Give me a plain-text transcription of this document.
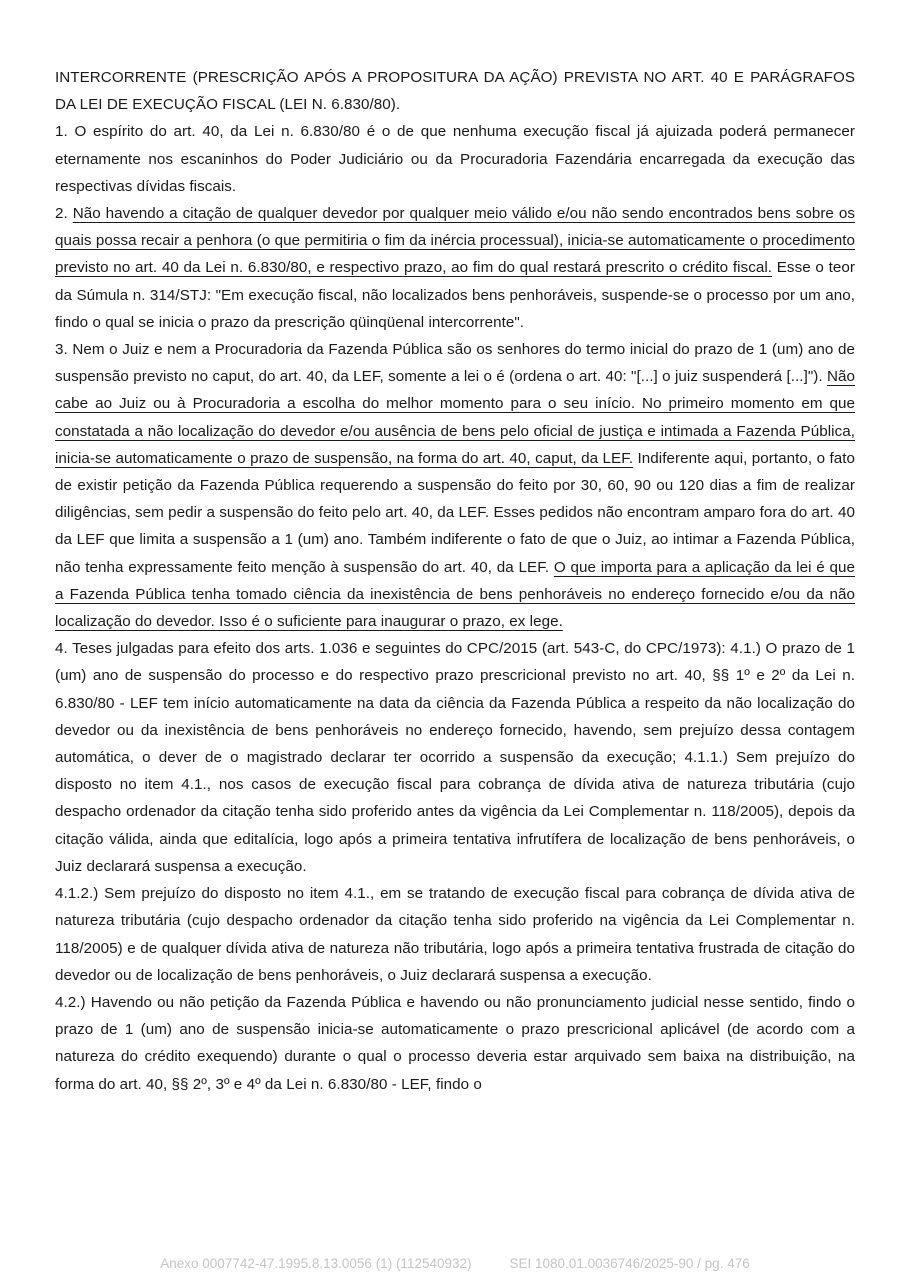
INTERCORRENTE (PRESCRIÇÃO APÓS A PROPOSITURA DA AÇÃO) PREVISTA NO ART. 40 E PARÁGRAFOS DA LEI DE EXECUÇÃO FISCAL (LEI N. 6.830/80).

1. O espírito do art. 40, da Lei n. 6.830/80 é o de que nenhuma execução fiscal já ajuizada poderá permanecer eternamente nos escaninhos do Poder Judiciário ou da Procuradoria Fazendária encarregada da execução das respectivas dívidas fiscais.

2. Não havendo a citação de qualquer devedor por qualquer meio válido e/ou não sendo encontrados bens sobre os quais possa recair a penhora (o que permitiria o fim da inércia processual), inicia-se automaticamente o procedimento previsto no art. 40 da Lei n. 6.830/80, e respectivo prazo, ao fim do qual restará prescrito o crédito fiscal. Esse o teor da Súmula n. 314/STJ: "Em execução fiscal, não localizados bens penhoráveis, suspende-se o processo por um ano, findo o qual se inicia o prazo da prescrição qüinqüenal intercorrente".

3. Nem o Juiz e nem a Procuradoria da Fazenda Pública são os senhores do termo inicial do prazo de 1 (um) ano de suspensão previsto no caput, do art. 40, da LEF, somente a lei o é (ordena o art. 40: "[...] o juiz suspenderá [...]"). Não cabe ao Juiz ou à Procuradoria a escolha do melhor momento para o seu início. No primeiro momento em que constatada a não localização do devedor e/ou ausência de bens pelo oficial de justiça e intimada a Fazenda Pública, inicia-se automaticamente o prazo de suspensão, na forma do art. 40, caput, da LEF. Indiferente aqui, portanto, o fato de existir petição da Fazenda Pública requerendo a suspensão do feito por 30, 60, 90 ou 120 dias a fim de realizar diligências, sem pedir a suspensão do feito pelo art. 40, da LEF. Esses pedidos não encontram amparo fora do art. 40 da LEF que limita a suspensão a 1 (um) ano. Também indiferente o fato de que o Juiz, ao intimar a Fazenda Pública, não tenha expressamente feito menção à suspensão do art. 40, da LEF. O que importa para a aplicação da lei é que a Fazenda Pública tenha tomado ciência da inexistência de bens penhoráveis no endereço fornecido e/ou da não localização do devedor. Isso é o suficiente para inaugurar o prazo, ex lege.

4. Teses julgadas para efeito dos arts. 1.036 e seguintes do CPC/2015 (art. 543-C, do CPC/1973): 4.1.) O prazo de 1 (um) ano de suspensão do processo e do respectivo prazo prescricional previsto no art. 40, §§ 1º e 2º da Lei n. 6.830/80 - LEF tem início automaticamente na data da ciência da Fazenda Pública a respeito da não localização do devedor ou da inexistência de bens penhoráveis no endereço fornecido, havendo, sem prejuízo dessa contagem automática, o dever de o magistrado declarar ter ocorrido a suspensão da execução; 4.1.1.) Sem prejuízo do disposto no item 4.1., nos casos de execução fiscal para cobrança de dívida ativa de natureza tributária (cujo despacho ordenador da citação tenha sido proferido antes da vigência da Lei Complementar n. 118/2005), depois da citação válida, ainda que editalícia, logo após a primeira tentativa infrutífera de localização de bens penhoráveis, o Juiz declarará suspensa a execução.

4.1.2.) Sem prejuízo do disposto no item 4.1., em se tratando de execução fiscal para cobrança de dívida ativa de natureza tributária (cujo despacho ordenador da citação tenha sido proferido na vigência da Lei Complementar n. 118/2005) e de qualquer dívida ativa de natureza não tributária, logo após a primeira tentativa frustrada de citação do devedor ou de localização de bens penhoráveis, o Juiz declarará suspensa a execução.

4.2.) Havendo ou não petição da Fazenda Pública e havendo ou não pronunciamento judicial nesse sentido, findo o prazo de 1 (um) ano de suspensão inicia-se automaticamente o prazo prescricional aplicável (de acordo com a natureza do crédito exequendo) durante o qual o processo deveria estar arquivado sem baixa na distribuição, na forma do art. 40, §§ 2º, 3º e 4º da Lei n. 6.830/80 - LEF, findo o

Anexo 0007742-47.1995.8.13.0056 (1) (112540932)	SEI 1080.01.0036746/2025-90 / pg. 476
